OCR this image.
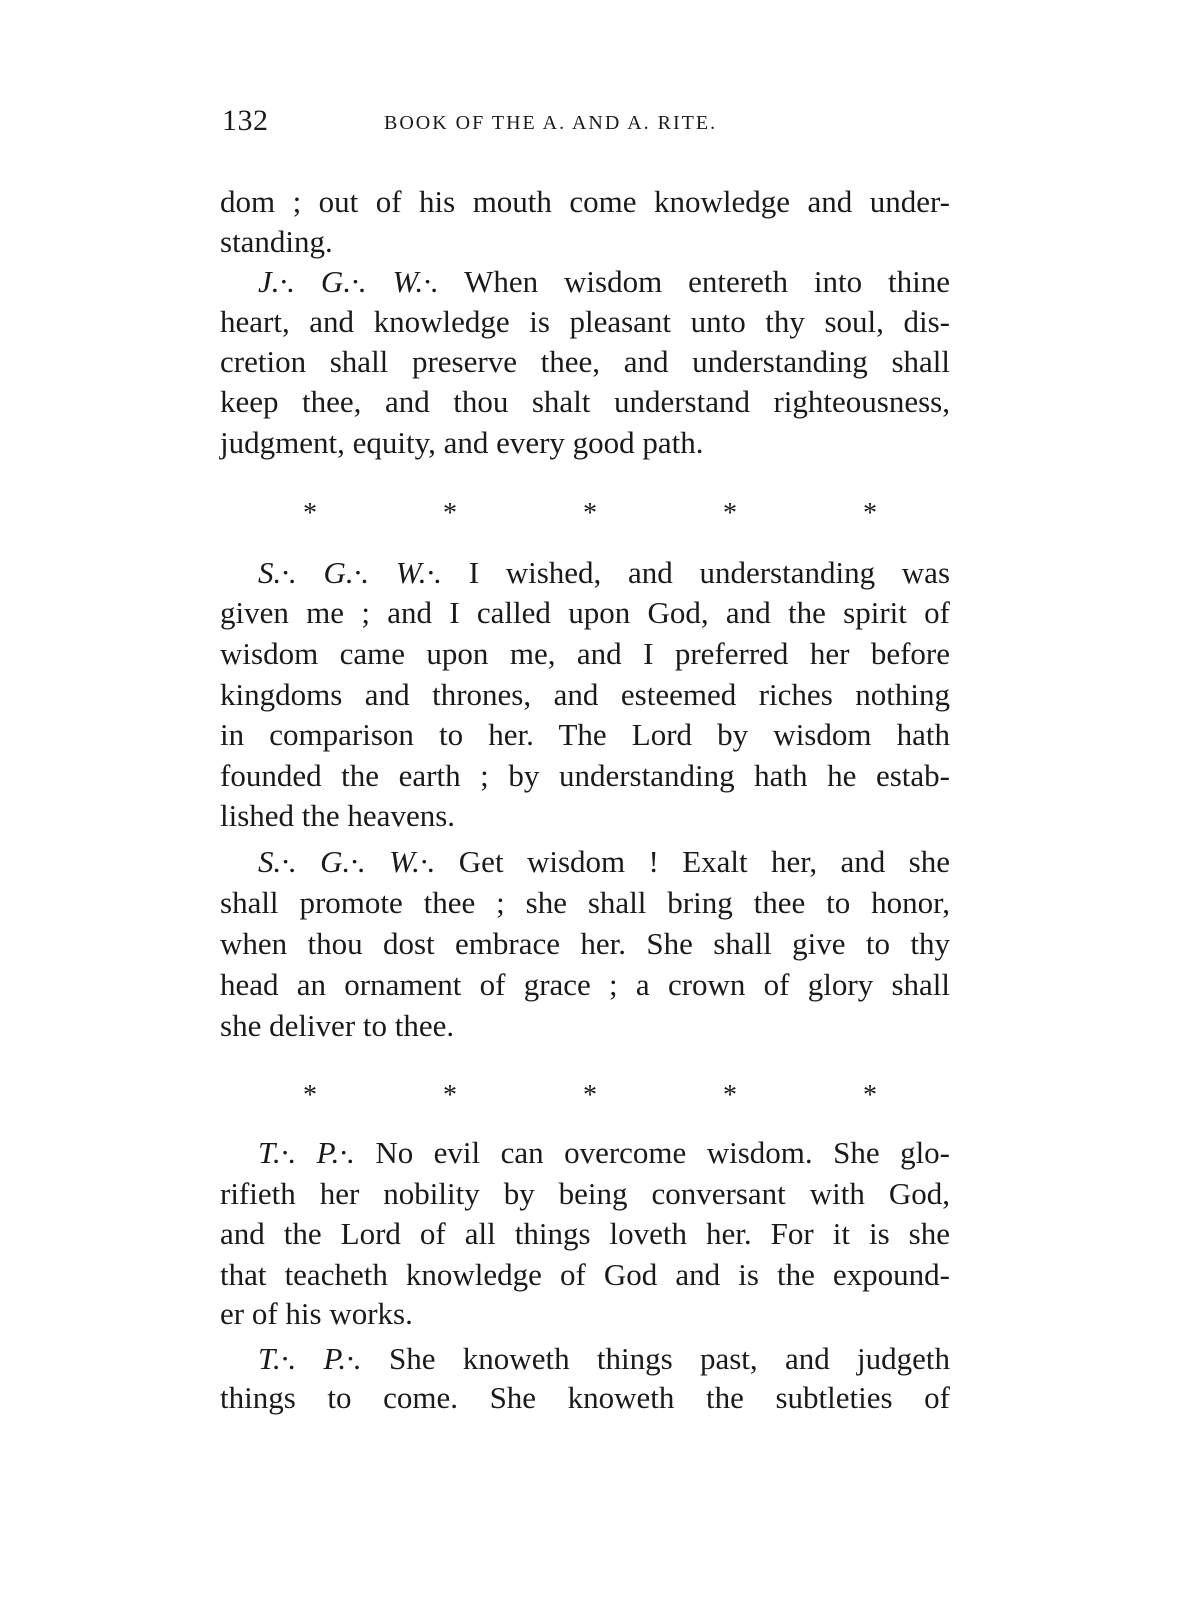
132	BOOK OF THE A. AND A. RITE.
dom ; out of his mouth come knowledge and under-
standing.
J.·. G.·. W.·. When wisdom entereth into thine
heart, and knowledge is pleasant unto thy soul, dis-
cretion shall preserve thee, and understanding shall
keep thee, and thou shalt understand righteousness,
judgment, equity, and every good path.
*	*	*	*	*
S.·. G.·. W.·. I wished, and understanding was
given me ; and I called upon God, and the spirit of
wisdom came upon me, and I preferred her before
kingdoms and thrones, and esteemed riches nothing
in comparison to her. The Lord by wisdom hath
founded the earth ; by understanding hath he estab-
lished the heavens.
S.·. G.·. W.·. Get wisdom ! Exalt her, and she
shall promote thee ; she shall bring thee to honor,
when thou dost embrace her. She shall give to thy
head an ornament of grace ; a crown of glory shall
she deliver to thee.
*	*	*	*	*
T.·. P.·. No evil can overcome wisdom. She glo-
rifieth her nobility by being conversant with God,
and the Lord of all things loveth her. For it is she
that teacheth knowledge of God and is the expound-
er of his works.
T.·. P.·. She knoweth things past, and judgeth
things to come. She knoweth the subtleties of
